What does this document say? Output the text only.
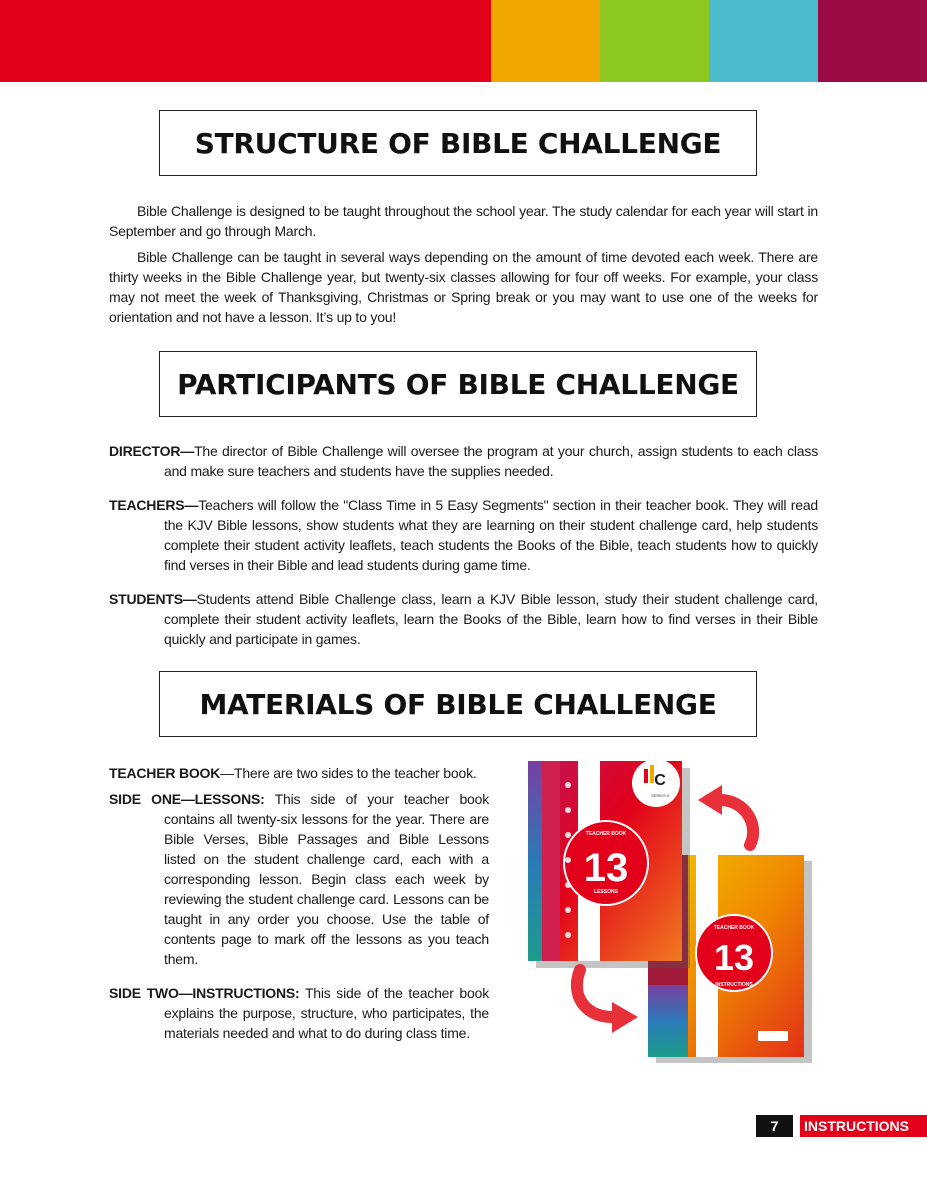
STRUCTURE OF BIBLE CHALLENGE

Bible Challenge is designed to be taught throughout the school year. The study calendar for each year will start in September and go through March.

Bible Challenge can be taught in several ways depending on the amount of time devoted each week. There are thirty weeks in the Bible Challenge year, but twenty-six classes allowing for four off weeks. For example, your class may not meet the week of Thanksgiving, Christmas or Spring break or you may want to use one of the weeks for orientation and not have a lesson. It’s up to you!

PARTICIPANTS OF BIBLE CHALLENGE

DIRECTOR—The director of Bible Challenge will oversee the program at your church, assign students to each class and make sure teachers and students have the supplies needed.

TEACHERS—Teachers will follow the "Class Time in 5 Easy Segments" section in their teacher book. They will read the KJV Bible lessons, show students what they are learning on their student challenge card, help students complete their student activity leaflets, teach students the Books of the Bible, teach students how to quickly find verses in their Bible and lead students during game time.

STUDENTS—Students attend Bible Challenge class, learn a KJV Bible lesson, study their student challenge card, complete their student activity leaflets, learn the Books of the Bible, learn how to find verses in their Bible quickly and participate in games.

MATERIALS OF BIBLE CHALLENGE

TEACHER BOOK—There are two sides to the teacher book.

SIDE ONE—LESSONS: This side of your teacher book contains all twenty-six lessons for the year. There are Bible Verses, Bible Passages and Bible Lessons listed on the student challenge card, each with a corresponding lesson. Begin class each week by reviewing the student challenge card. Lessons can be taught in any order you choose. Use the table of contents page to mark off the lessons as you teach them.

SIDE TWO—INSTRUCTIONS: This side of the teacher book explains the purpose, structure, who participates, the materials needed and what to do during class time.

TEACHER BOOK
13
INSTRUCTIONS
C
SERIES II
TEACHER BOOK
13
LESSONS
7	INSTRUCTIONS
